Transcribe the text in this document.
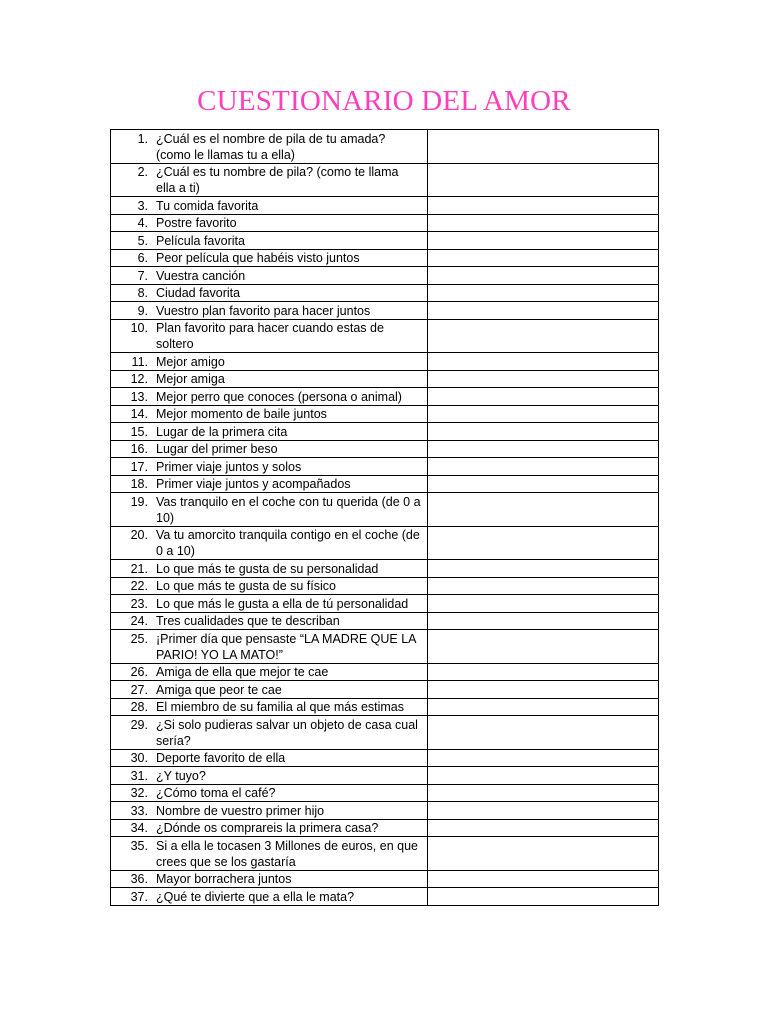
CUESTIONARIO DEL AMOR
1. ¿Cuál es el nombre de pila de tu amada? (como le llamas tu a ella)	

2. ¿Cuál es tu nombre de pila? (como te llama ella a ti)	

3. Tu comida favorita	

4. Postre favorito	

5. Película favorita	

6. Peor película que habéis visto juntos	

7. Vuestra canción	

8. Ciudad favorita	

9. Vuestro plan favorito para hacer juntos	

10. Plan favorito para hacer cuando estas de soltero	

11. Mejor amigo	

12. Mejor amiga	

13. Mejor perro que conoces (persona o animal)	

14. Mejor momento de baile juntos	

15. Lugar de la primera cita	

16. Lugar del primer beso	

17. Primer viaje juntos y solos	

18. Primer viaje juntos y acompañados	

19. Vas tranquilo en el coche con tu querida (de 0 a 10)	

20. Va tu amorcito tranquila contigo en el coche (de 0 a 10)	

21. Lo que más te gusta de su personalidad	

22. Lo que más te gusta de su físico	

23. Lo que más le gusta a ella de tú personalidad	

24. Tres cualidades que te describan	

25. ¡Primer día que pensaste “LA MADRE QUE LA PARIO! YO LA MATO!”	

26. Amiga de ella que mejor te cae	

27. Amiga que peor te cae	

28. El miembro de su familia al que más estimas	

29. ¿Si solo pudieras salvar un objeto de casa cual sería?	

30. Deporte favorito de ella	

31. ¿Y tuyo?	

32. ¿Cómo toma el café?	

33. Nombre de vuestro primer hijo	

34. ¿Dónde os comprareis la primera casa?	

35. Si a ella le tocasen 3 Millones de euros, en que crees que se los gastaría	

36. Mayor borrachera juntos	

37. ¿Qué te divierte que a ella le mata?	
